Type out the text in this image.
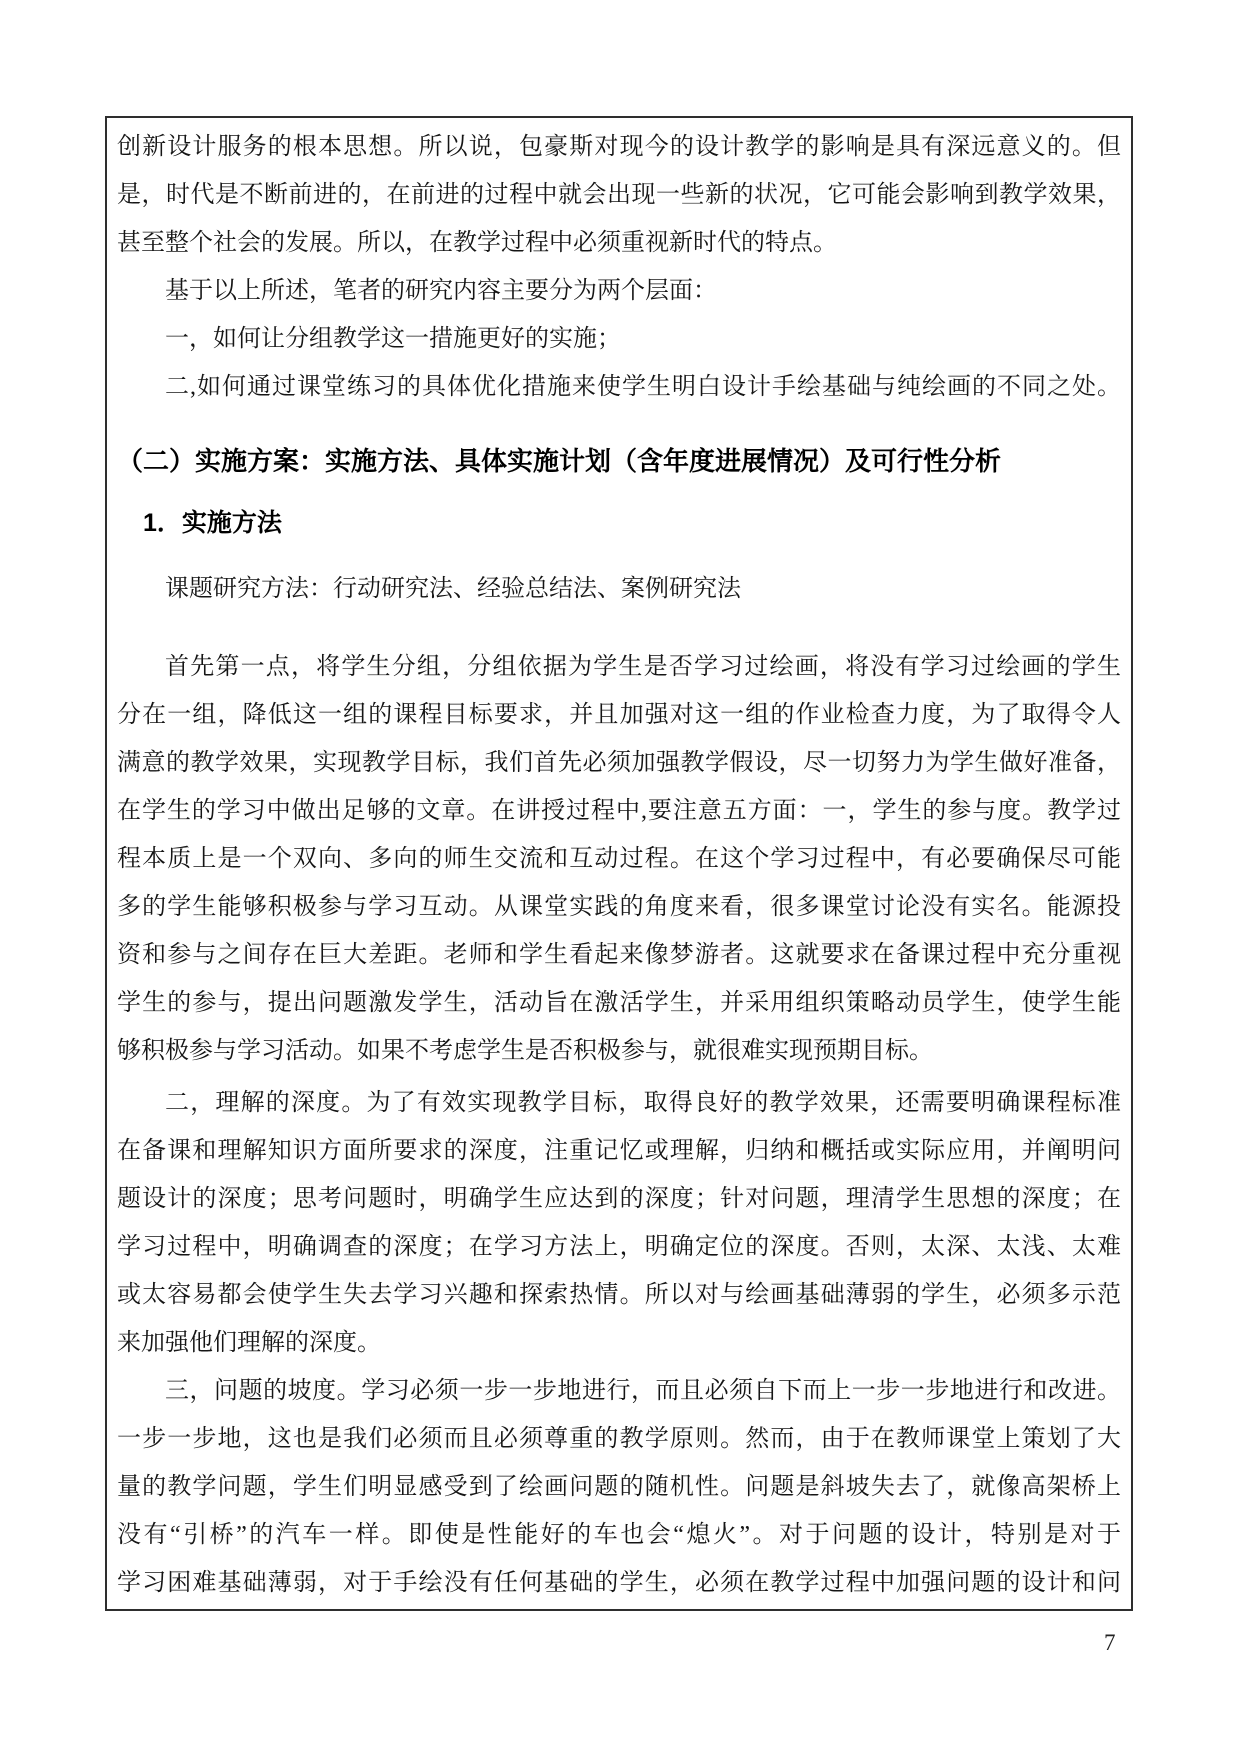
创新设计服务的根本思想。所以说，包豪斯对现今的设计教学的影响是具有深远意义的。但
是，时代是不断前进的，在前进的过程中就会出现一些新的状况，它可能会影响到教学效果，
甚至整个社会的发展。所以，在教学过程中必须重视新时代的特点。
基于以上所述，笔者的研究内容主要分为两个层面：
一，如何让分组教学这一措施更好的实施；
二,如何通过课堂练习的具体优化措施来使学生明白设计手绘基础与纯绘画的不同之处。
（二）实施方案：实施方法、具体实施计划（含年度进展情况）及可行性分析
1．实施方法
课题研究方法：行动研究法、经验总结法、案例研究法
首先第一点，将学生分组，分组依据为学生是否学习过绘画，将没有学习过绘画的学生
分在一组，降低这一组的课程目标要求，并且加强对这一组的作业检查力度，为了取得令人
满意的教学效果，实现教学目标，我们首先必须加强教学假设，尽一切努力为学生做好准备，
在学生的学习中做出足够的文章。在讲授过程中,要注意五方面：一，学生的参与度。教学过
程本质上是一个双向、多向的师生交流和互动过程。在这个学习过程中，有必要确保尽可能
多的学生能够积极参与学习互动。从课堂实践的角度来看，很多课堂讨论没有实名。能源投
资和参与之间存在巨大差距。老师和学生看起来像梦游者。这就要求在备课过程中充分重视
学生的参与，提出问题激发学生，活动旨在激活学生，并采用组织策略动员学生，使学生能
够积极参与学习活动。如果不考虑学生是否积极参与，就很难实现预期目标。
二，理解的深度。为了有效实现教学目标，取得良好的教学效果，还需要明确课程标准
在备课和理解知识方面所要求的深度，注重记忆或理解，归纳和概括或实际应用，并阐明问
题设计的深度；思考问题时，明确学生应达到的深度；针对问题，理清学生思想的深度；在
学习过程中，明确调查的深度；在学习方法上，明确定位的深度。否则，太深、太浅、太难
或太容易都会使学生失去学习兴趣和探索热情。所以对与绘画基础薄弱的学生，必须多示范
来加强他们理解的深度。
三，问题的坡度。学习必须一步一步地进行，而且必须自下而上一步一步地进行和改进。
一步一步地，这也是我们必须而且必须尊重的教学原则。然而，由于在教师课堂上策划了大
量的教学问题，学生们明显感受到了绘画问题的随机性。问题是斜坡失去了，就像高架桥上
没有“引桥”的汽车一样。即使是性能好的车也会“熄火”。对于问题的设计，特别是对于
学习困难基础薄弱，对于手绘没有任何基础的学生，必须在教学过程中加强问题的设计和问
7
